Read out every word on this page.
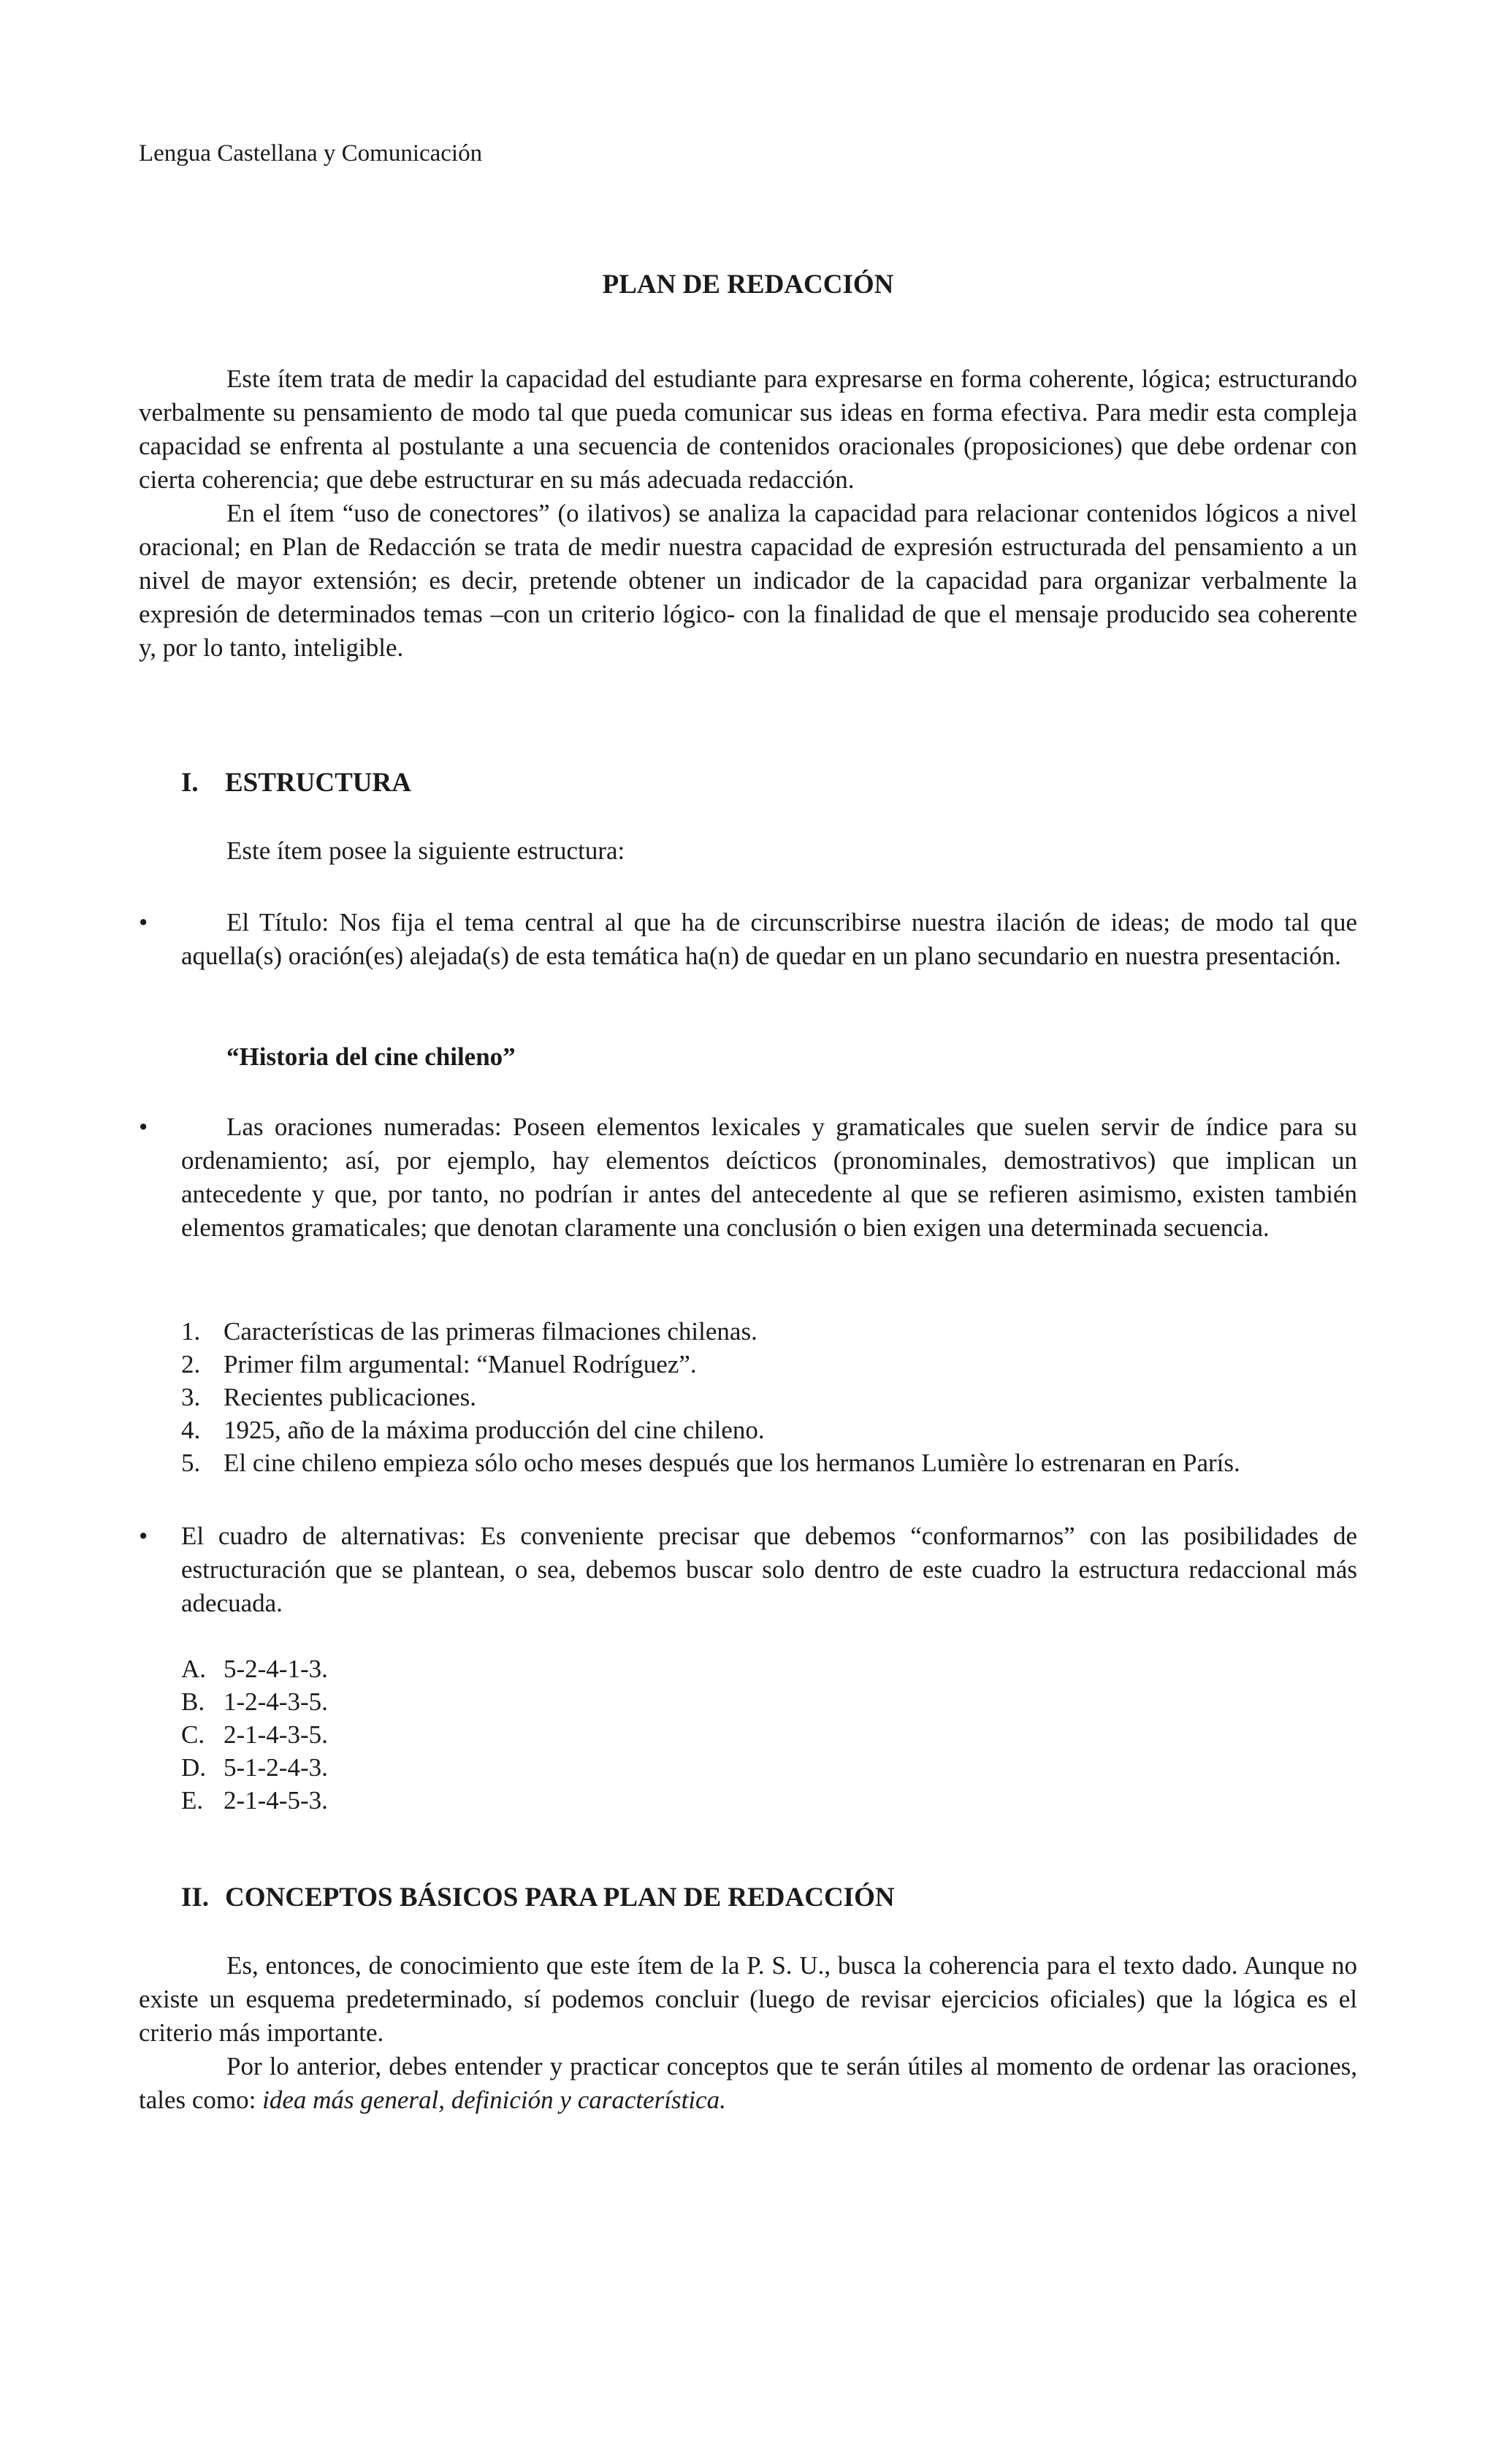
Lengua Castellana y Comunicación
PLAN DE REDACCIÓN

Este ítem trata de medir la capacidad del estudiante para expresarse en forma coherente, lógica; estructurando verbalmente su pensamiento de modo tal que pueda comunicar sus ideas en forma efectiva. Para medir esta compleja capacidad se enfrenta al postulante a una secuencia de contenidos oracionales (proposiciones) que debe ordenar con cierta coherencia; que debe estructurar en su más adecuada redacción.

En el ítem “uso de conectores” (o ilativos) se analiza la capacidad para relacionar contenidos lógicos a nivel oracional; en Plan de Redacción se trata de medir nuestra capacidad de expresión estructurada del pensamiento a un nivel de mayor extensión; es decir, pretende obtener un indicador de la capacidad para organizar verbalmente la expresión de determinados temas –con un criterio lógico- con la finalidad de que el mensaje producido sea coherente y, por lo tanto, inteligible.

I. ESTRUCTURA
Este ítem posee la siguiente estructura:
•	El Título: Nos fija el tema central al que ha de circunscribirse nuestra ilación de ideas; de modo tal que aquella(s) oración(es) alejada(s) de esta temática ha(n) de quedar en un plano secundario en nuestra presentación.
“Historia del cine chileno”
•	Las oraciones numeradas: Poseen elementos lexicales y gramaticales que suelen servir de índice para su ordenamiento; así, por ejemplo, hay elementos deícticos (pronominales, demostrativos) que implican un antecedente y que, por tanto, no podrían ir antes del antecedente al que se refieren asimismo, existen también elementos gramaticales; que denotan claramente una conclusión o bien exigen una determinada secuencia.
1. Características de las primeras filmaciones chilenas.
2. Primer film argumental: “Manuel Rodríguez”.
3. Recientes publicaciones.
4. 1925, año de la máxima producción del cine chileno.
5. El cine chileno empieza sólo ocho meses después que los hermanos Lumière lo estrenaran en París.
•	El cuadro de alternativas: Es conveniente precisar que debemos “conformarnos” con las posibilidades de estructuración que se plantean, o sea, debemos buscar solo dentro de este cuadro la estructura redaccional más adecuada.
A. 5-2-4-1-3.
B. 1-2-4-3-5.
C. 2-1-4-3-5.
D. 5-1-2-4-3.
E. 2-1-4-5-3.
II. CONCEPTOS BÁSICOS PARA PLAN DE REDACCIÓN

Es, entonces, de conocimiento que este ítem de la P. S. U., busca la coherencia para el texto dado. Aunque no existe un esquema predeterminado, sí podemos concluir (luego de revisar ejercicios oficiales) que la lógica es el criterio más importante.

Por lo anterior, debes entender y practicar conceptos que te serán útiles al momento de ordenar las oraciones, tales como: idea más general, definición y característica.
